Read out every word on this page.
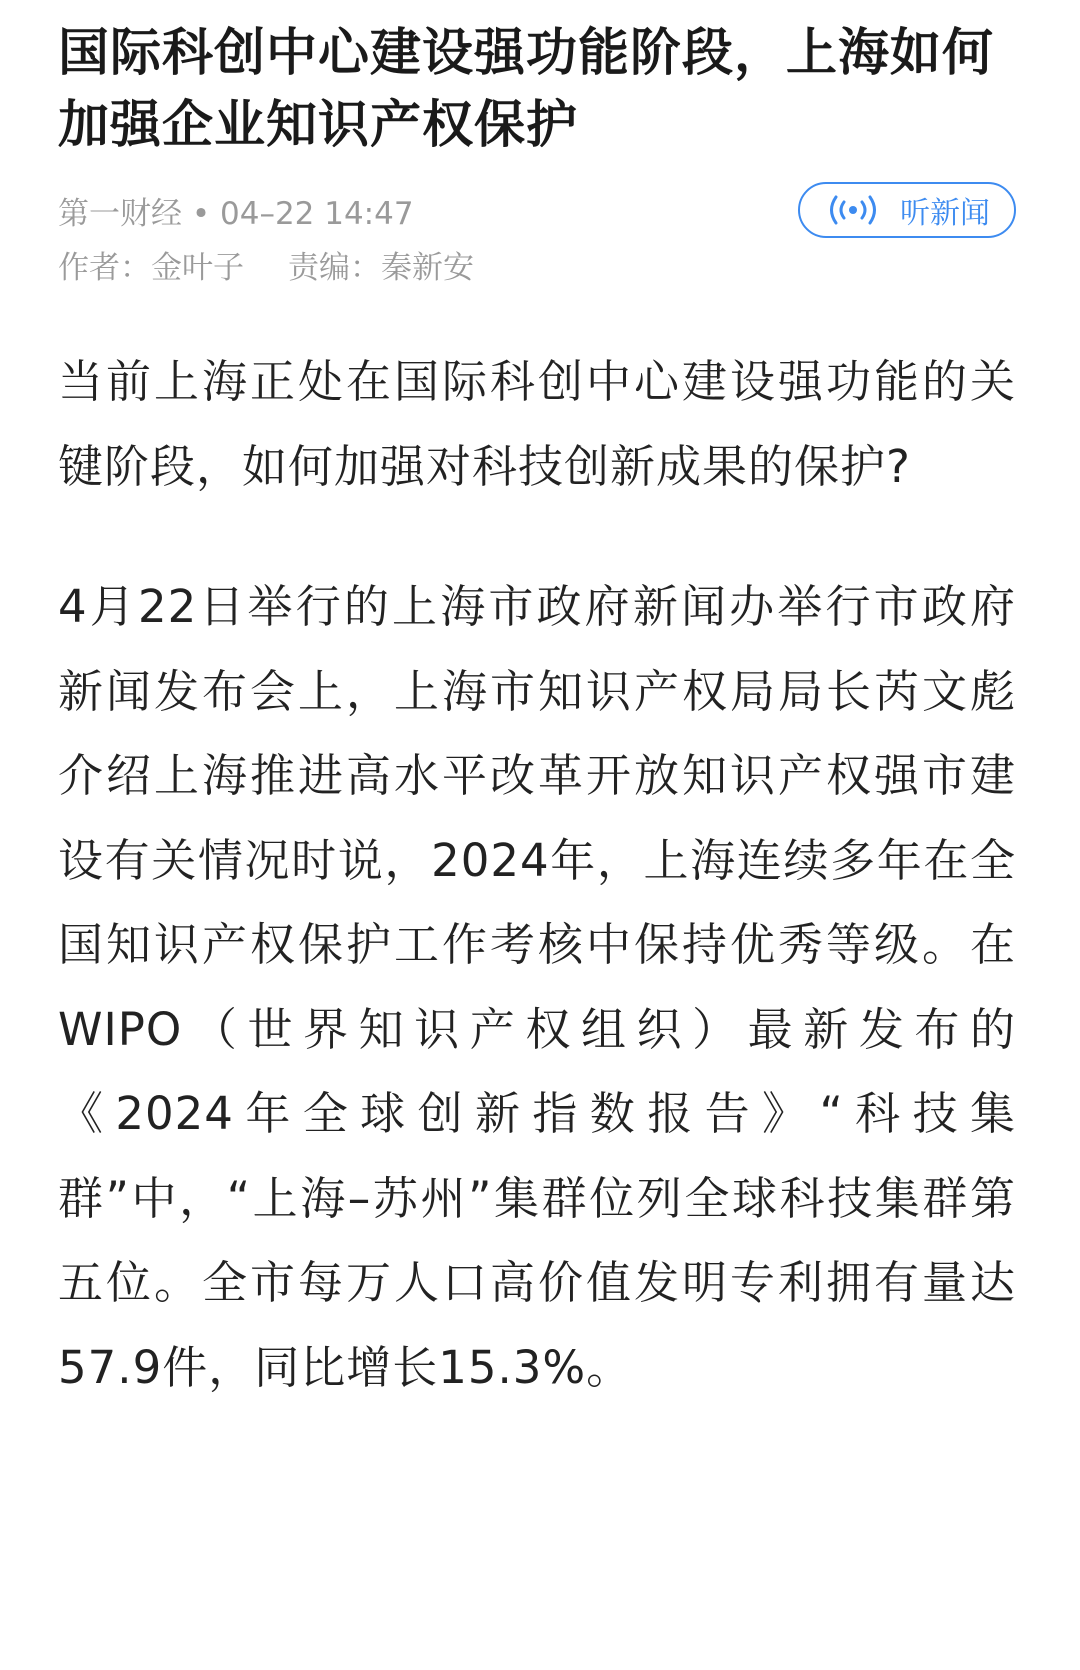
国际科创中心建设强功能阶段，上海如何加强企业知识产权保护
第一财经 • 04–22 14:47	听新闻
作者：金叶子 责编：秦新安

当前上海正处在国际科创中心建设强功能的关键阶段，如何加强对科技创新成果的保护?

4月22日举行的上海市政府新闻办举行市政府新闻发布会上，上海市知识产权局局长芮文彪介绍上海推进高水平改革开放知识产权强市建设有关情况时说，2024年，上海连续多年在全国知识产权保护工作考核中保持优秀等级。在WIPO（世界知识产权组织）最新发布的《2024年全球创新指数报告》“科技集群”中，“上海–苏州”集群位列全球科技集群第五位。全市每万人口高价值发明专利拥有量达57.9件，同比增长15.3%。
